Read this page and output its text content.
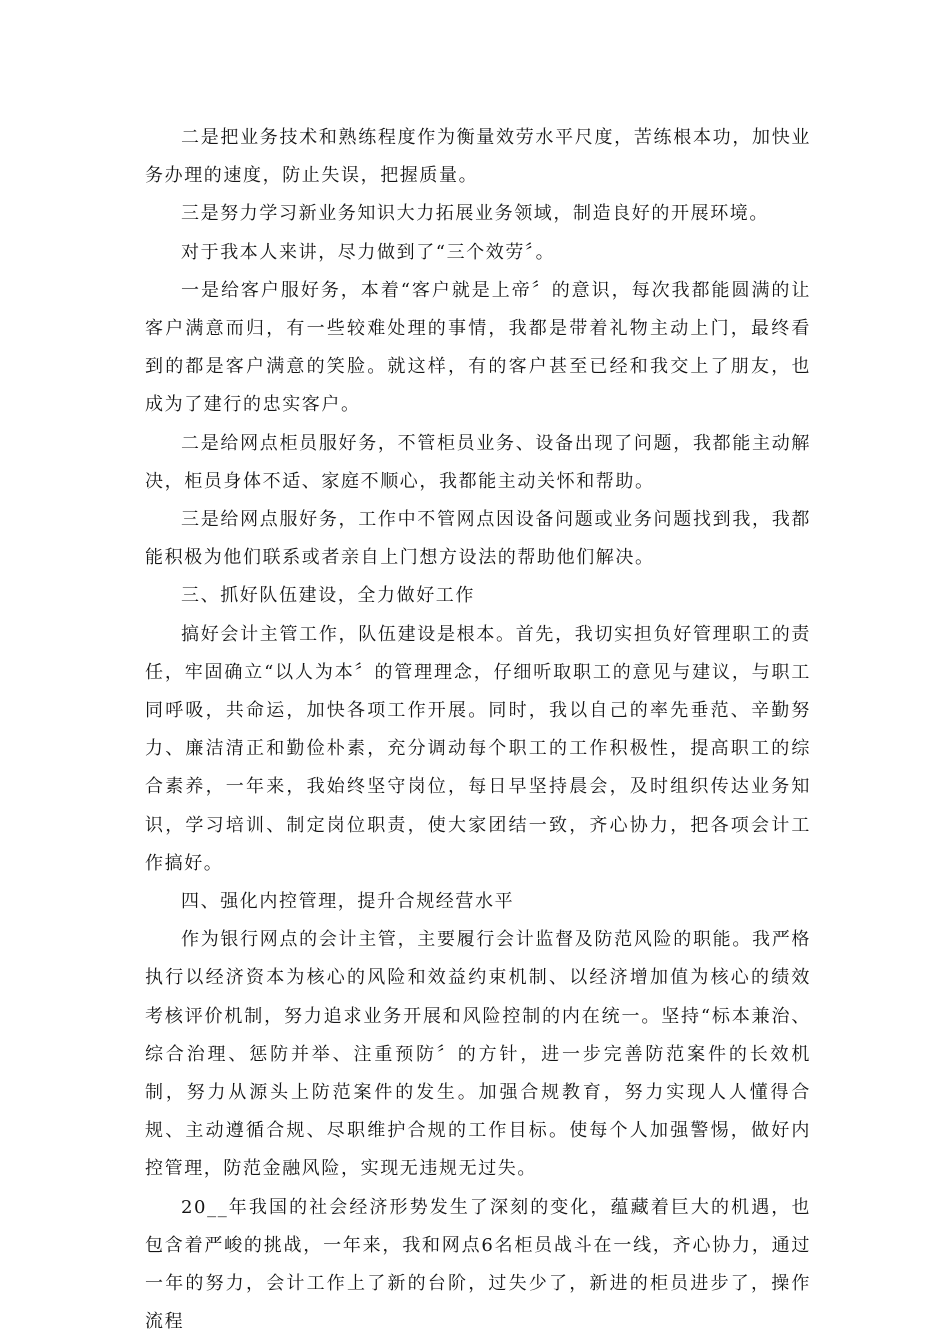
二是把业务技术和熟练程度作为衡量效劳水平尺度，苦练根本功，加快业务办理的速度，防止失误，把握质量。

三是努力学习新业务知识大力拓展业务领域，制造良好的开展环境。

对于我本人来讲，尽力做到了“三个效劳〞。

一是给客户服好务，本着“客户就是上帝〞的意识，每次我都能圆满的让客户满意而归，有一些较难处理的事情，我都是带着礼物主动上门，最终看到的都是客户满意的笑脸。就这样，有的客户甚至已经和我交上了朋友，也成为了建行的忠实客户。

二是给网点柜员服好务，不管柜员业务、设备出现了问题，我都能主动解决，柜员身体不适、家庭不顺心，我都能主动关怀和帮助。

三是给网点服好务，工作中不管网点因设备问题或业务问题找到我，我都能积极为他们联系或者亲自上门想方设法的帮助他们解决。

三、抓好队伍建设，全力做好工作

搞好会计主管工作，队伍建设是根本。首先，我切实担负好管理职工的责任，牢固确立“以人为本〞的管理理念，仔细听取职工的意见与建议，与职工同呼吸，共命运，加快各项工作开展。同时，我以自己的率先垂范、辛勤努力、廉洁清正和勤俭朴素，充分调动每个职工的工作积极性，提高职工的综合素养，一年来，我始终坚守岗位，每日早坚持晨会，及时组织传达业务知识，学习培训、制定岗位职责，使大家团结一致，齐心协力，把各项会计工作搞好。

四、强化内控管理，提升合规经营水平

作为银行网点的会计主管，主要履行会计监督及防范风险的职能。我严格执行以经济资本为核心的风险和效益约束机制、以经济增加值为核心的绩效考核评价机制，努力追求业务开展和风险控制的内在统一。坚持“标本兼治、综合治理、惩防并举、注重预防〞的方针，进一步完善防范案件的长效机制，努力从源头上防范案件的发生。加强合规教育，努力实现人人懂得合规、主动遵循合规、尽职维护合规的工作目标。使每个人加强警惕，做好内控管理，防范金融风险，实现无违规无过失。

20__年我国的社会经济形势发生了深刻的变化，蕴藏着巨大的机遇，也包含着严峻的挑战，一年来，我和网点6名柜员战斗在一线，齐心协力，通过一年的努力，会计工作上了新的台阶，过失少了，新进的柜员进步了，操作流程
